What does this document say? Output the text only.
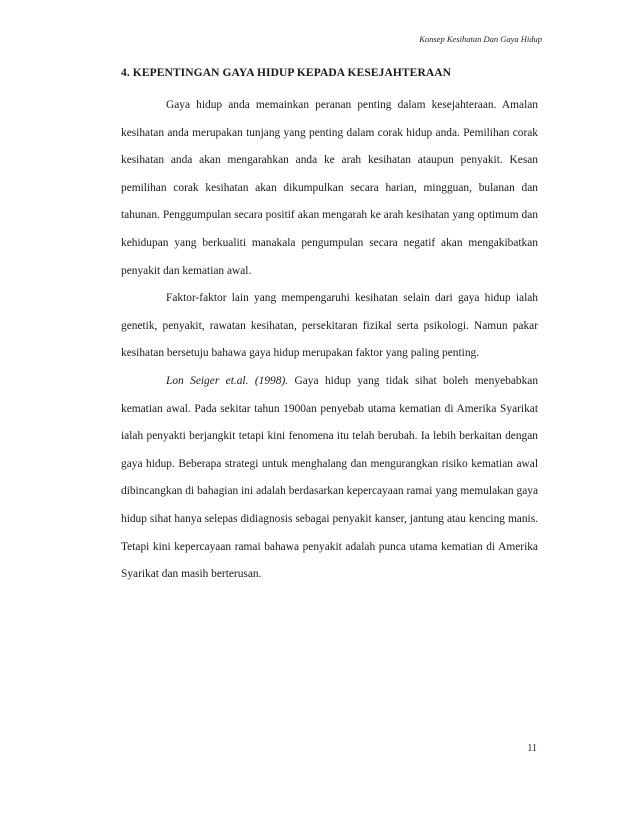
Konsep Kesihatan Dan Gaya Hidup
4. KEPENTINGAN GAYA HIDUP KEPADA KESEJAHTERAAN

Gaya hidup anda memainkan peranan penting dalam kesejahteraan. Amalan kesihatan anda merupakan tunjang yang penting dalam corak hidup anda. Pemilihan corak kesihatan anda akan mengarahkan anda ke arah kesihatan ataupun penyakit. Kesan pemilihan corak kesihatan akan dikumpulkan secara harian, mingguan, bulanan dan tahunan. Penggumpulan secara positif akan mengarah ke arah kesihatan yang optimum dan kehidupan yang berkualiti manakala pengumpulan secara negatif akan mengakibatkan penyakit dan kematian awal.

Faktor-faktor lain yang mempengaruhi kesihatan selain dari gaya hidup ialah genetik, penyakit, rawatan kesihatan, persekitaran fizikal serta psikologi. Namun pakar kesihatan bersetuju bahawa gaya hidup merupakan faktor yang paling penting.

Lon Seiger et.al. (1998). Gaya hidup yang tidak sihat boleh menyebabkan kematian awal. Pada sekitar tahun 1900an penyebab utama kematian di Amerika Syarikat ialah penyakti berjangkit tetapi kini fenomena itu telah berubah. Ia lebih berkaitan dengan gaya hidup. Beberapa strategi untuk menghalang dan mengurangkan risiko kematian awal dibincangkan di bahagian ini adalah berdasarkan kepercayaan ramai yang memulakan gaya hidup sihat hanya selepas didiagnosis sebagai penyakit kanser, jantung atau kencing manis. Tetapi kini kepercayaan ramai bahawa penyakit adalah punca utama kematian di Amerika Syarikat dan masih berterusan.

11
